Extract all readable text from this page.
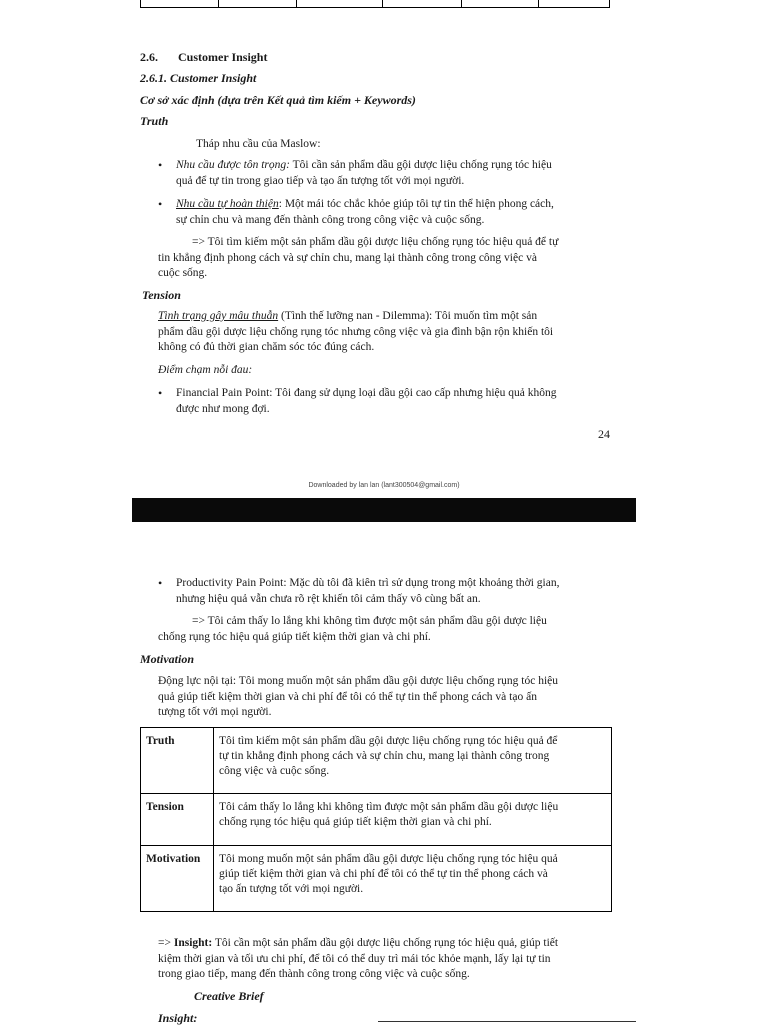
2.6. Customer Insight
2.6.1. Customer Insight
Cơ sở xác định (dựa trên Kết quả tìm kiếm + Keywords)
Truth
Tháp nhu cầu của Maslow:
• Nhu cầu được tôn trọng: Tôi cần sản phẩm dầu gội dược liệu chống rụng tóc hiệu
quả để tự tin trong giao tiếp và tạo ấn tượng tốt với mọi người.
• Nhu cầu tự hoàn thiện: Một mái tóc chắc khỏe giúp tôi tự tin thể hiện phong cách,
sự chỉn chu và mang đến thành công trong công việc và cuộc sống.
=> Tôi tìm kiếm một sản phẩm dầu gội dược liệu chống rụng tóc hiệu quả để tự
tin khẳng định phong cách và sự chỉn chu, mang lại thành công trong công việc và
cuộc sống.
Tension
Tình trạng gây mâu thuẫn (Tình thế lưỡng nan - Dilemma): Tôi muốn tìm một sản
phẩm dầu gội dược liệu chống rụng tóc nhưng công việc và gia đình bận rộn khiến tôi
không có đủ thời gian chăm sóc tóc đúng cách.
Điểm chạm nỗi đau:
• Financial Pain Point: Tôi đang sử dụng loại dầu gội cao cấp nhưng hiệu quả không
được như mong đợi.
24
Downloaded by lan lan (lant300504@gmail.com)
• Productivity Pain Point: Mặc dù tôi đã kiên trì sử dụng trong một khoảng thời gian,
nhưng hiệu quả vẫn chưa rõ rệt khiến tôi cảm thấy vô cùng bất an.
=> Tôi cảm thấy lo lắng khi không tìm được một sản phẩm dầu gội dược liệu
chống rụng tóc hiệu quả giúp tiết kiệm thời gian và chi phí.
Motivation
Động lực nội tại: Tôi mong muốn một sản phẩm dầu gội dược liệu chống rụng tóc hiệu
quả giúp tiết kiệm thời gian và chi phí để tôi có thể tự tin thể phong cách và tạo ấn
tượng tốt với mọi người.
Truth	Tôi tìm kiếm một sản phẩm dầu gội dược liệu chống rụng tóc hiệu quả để
tự tin khẳng định phong cách và sự chỉn chu, mang lại thành công trong
công việc và cuộc sống.

Tension	Tôi cảm thấy lo lắng khi không tìm được một sản phẩm dầu gội dược liệu
chống rụng tóc hiệu quả giúp tiết kiệm thời gian và chi phí.

Motivation	Tôi mong muốn một sản phẩm dầu gội dược liệu chống rụng tóc hiệu quả
giúp tiết kiệm thời gian và chi phí để tôi có thể tự tin thể phong cách và
tạo ấn tượng tốt với mọi người.
=> Insight: Tôi cần một sản phẩm dầu gội dược liệu chống rụng tóc hiệu quả, giúp tiết
kiệm thời gian và tối ưu chi phí, để tôi có thể duy trì mái tóc khỏe mạnh, lấy lại tự tin
trong giao tiếp, mang đến thành công trong công việc và cuộc sống.
Creative Brief
Insight:
